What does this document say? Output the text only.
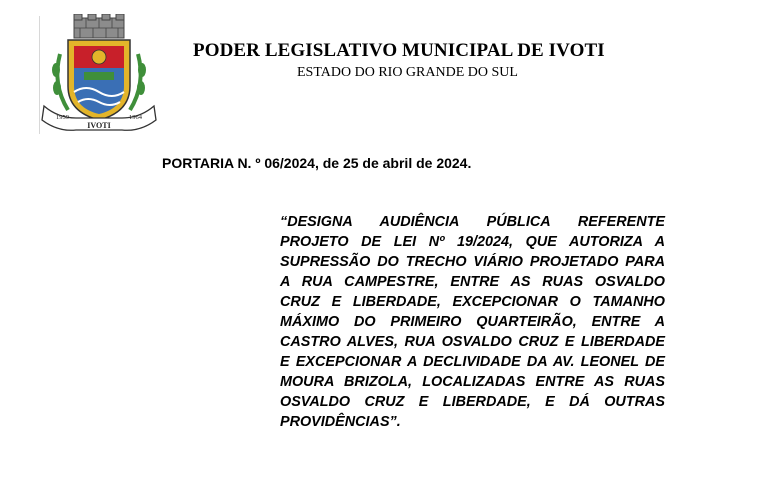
1959	1964
IVOTI
PODER LEGISLATIVO MUNICIPAL DE IVOTI
ESTADO DO RIO GRANDE DO SUL
PORTARIA N. º 06/2024, de 25 de abril de 2024.

“DESIGNA AUDIÊNCIA PÚBLICA REFERENTE PROJETO DE LEI Nº 19/2024, QUE AUTORIZA A SUPRESSÃO DO TRECHO VIÁRIO PROJETADO PARA A RUA CAMPESTRE, ENTRE AS RUAS OSVALDO CRUZ E LIBERDADE, EXCEPCIONAR O TAMANHO MÁXIMO DO PRIMEIRO QUARTEIRÃO, ENTRE A CASTRO ALVES, RUA OSVALDO CRUZ E LIBERDADE E EXCEPCIONAR A DECLIVIDADE DA AV. LEONEL DE MOURA BRIZOLA, LOCALIZADAS ENTRE AS RUAS OSVALDO CRUZ E LIBERDADE, E DÁ OUTRAS PROVIDÊNCIAS”.
